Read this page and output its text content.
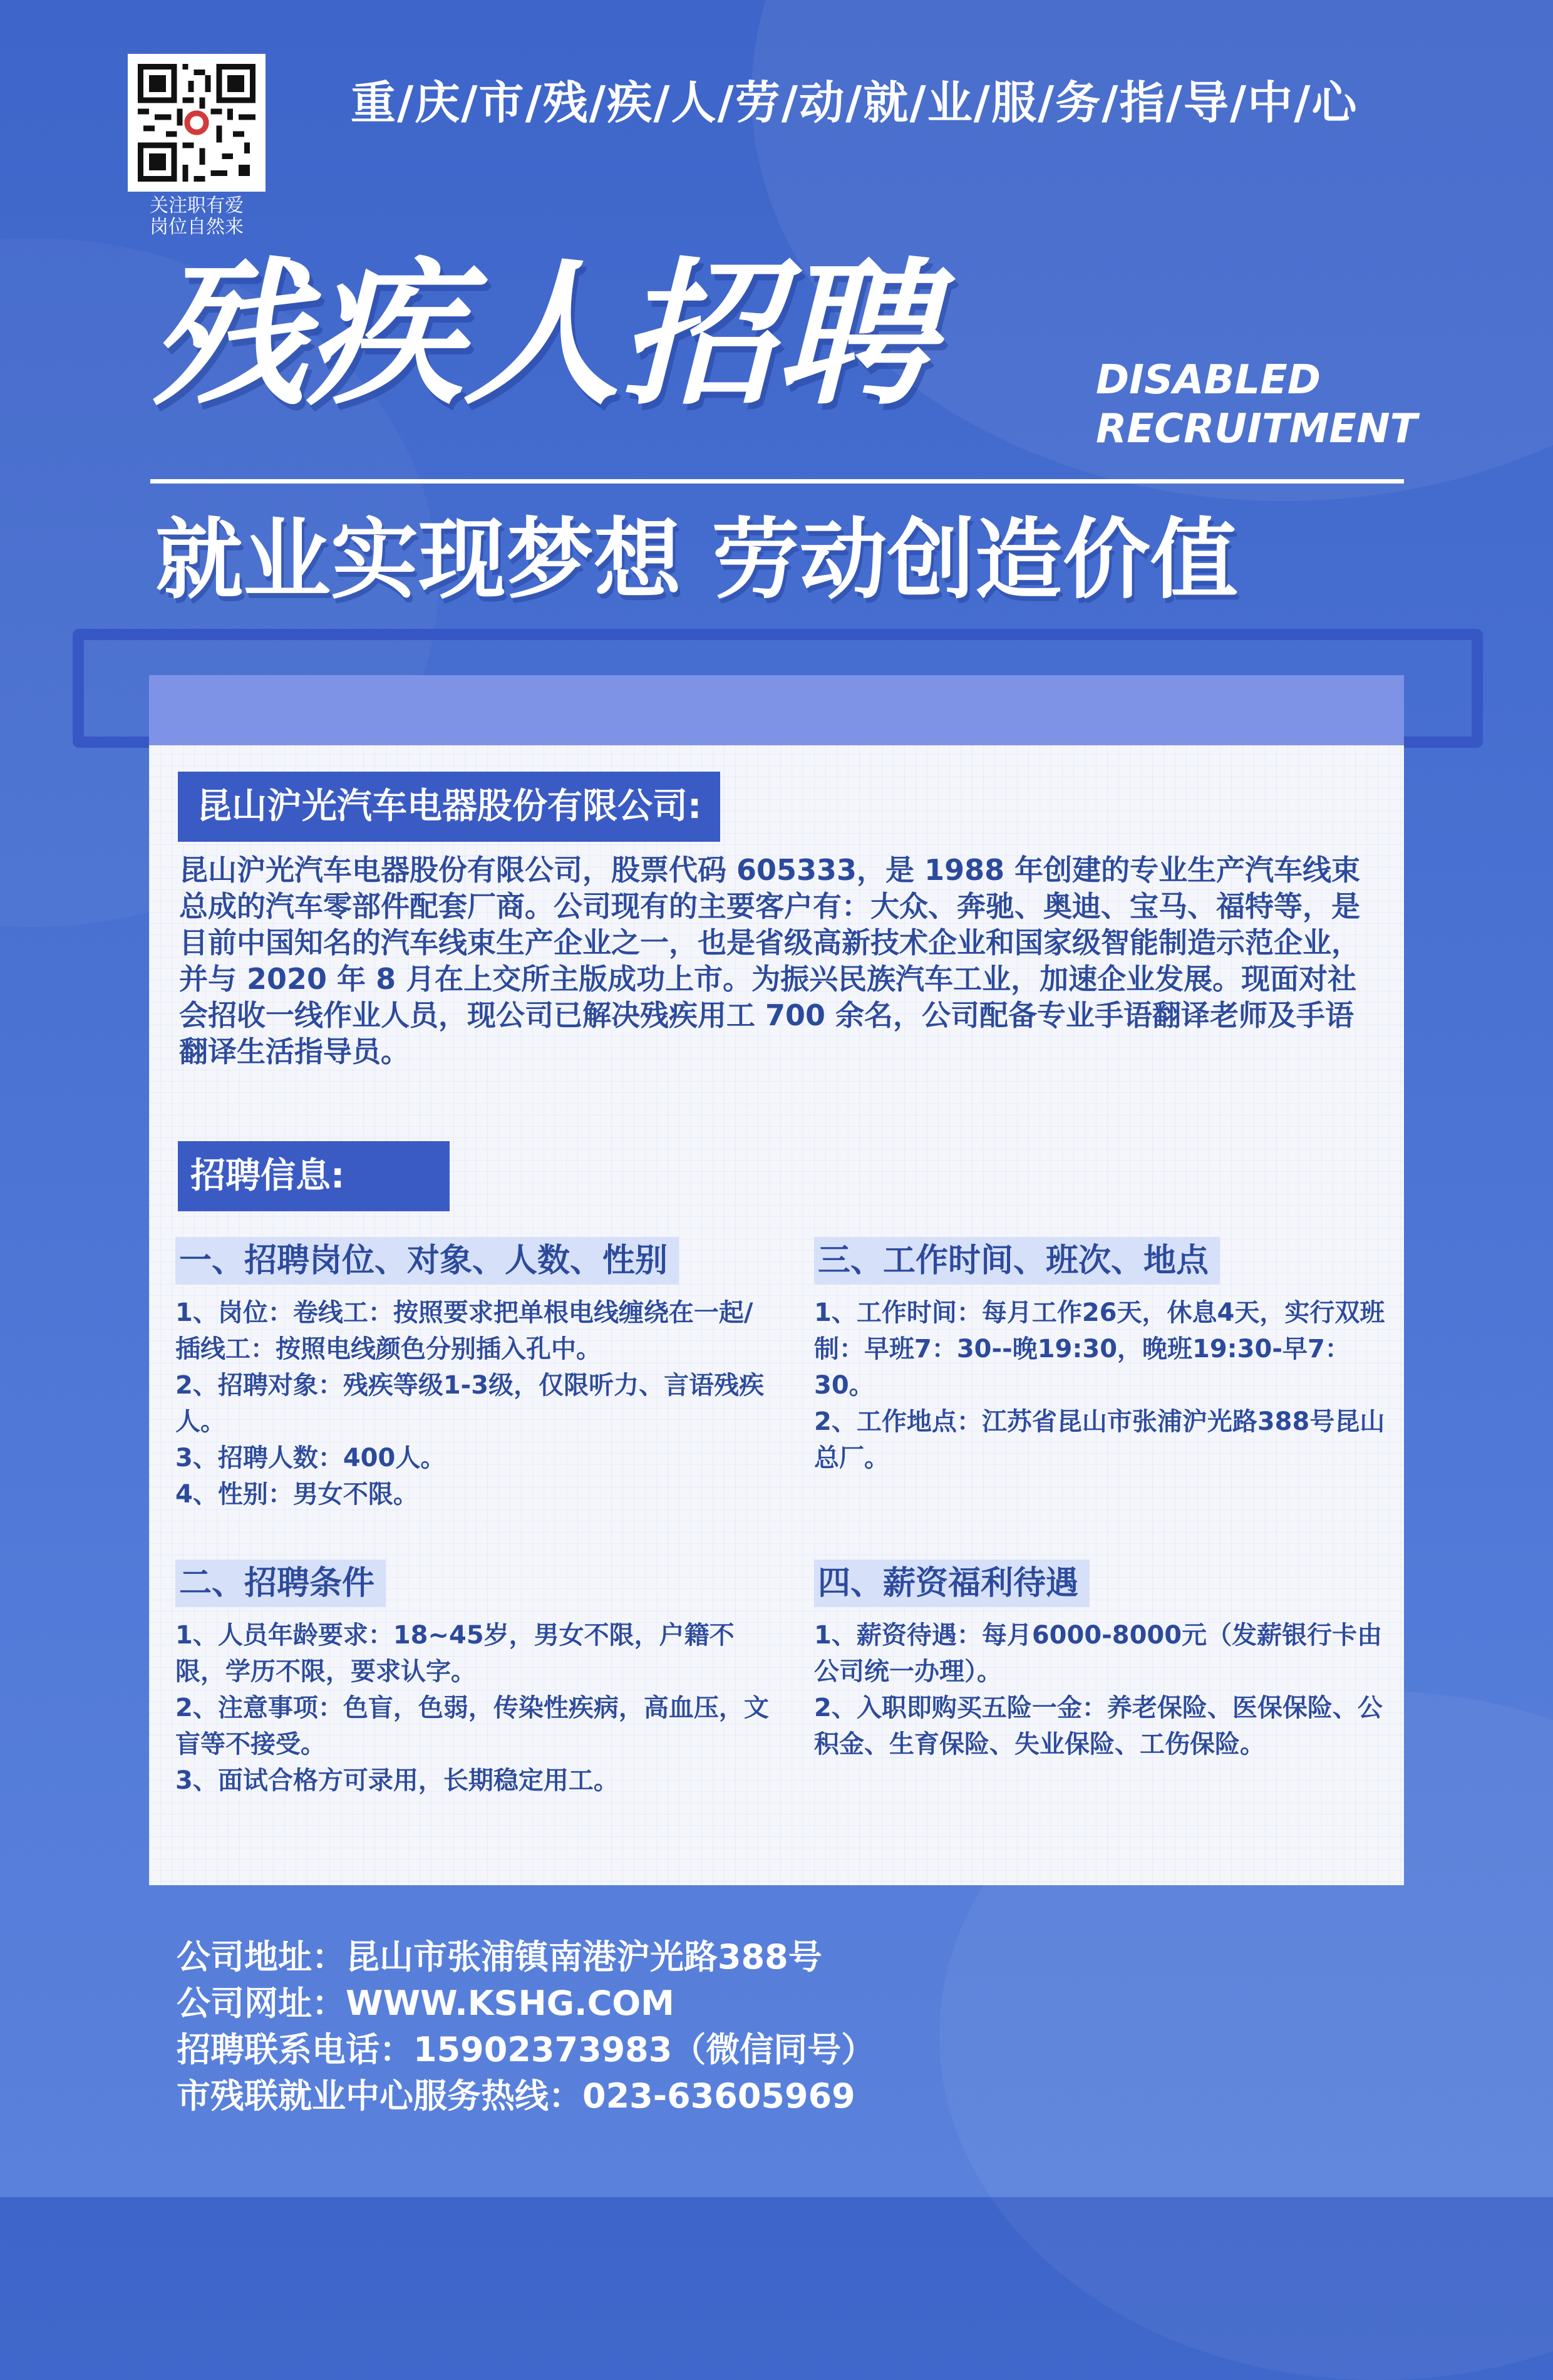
关注职有爱
岗位自然来
重/庆/市/残/疾/人/劳/动/就/业/服/务/指/导/中/心
残疾人招聘	DISABLED
RECRUITMENT
就业实现梦想 劳动创造价值
昆山沪光汽车电器股份有限公司:
昆山沪光汽车电器股份有限公司，股票代码 605333，是 1988 年创建的专业生产汽车线束总成的汽车零部件配套厂商。公司现有的主要客户有：大众、奔驰、奥迪、宝马、福特等，是目前中国知名的汽车线束生产企业之一，也是省级高新技术企业和国家级智能制造示范企业，并与 2020 年 8 月在上交所主版成功上市。为振兴民族汽车工业，加速企业发展。现面对社会招收一线作业人员，现公司已解决残疾用工 700 余名，公司配备专业手语翻译老师及手语翻译生活指导员。
招聘信息:
一、招聘岗位、对象、人数、性别
1、岗位：卷线工：按照要求把单根电线缠绕在一起/插线工：按照电线颜色分别插入孔中。
2、招聘对象：残疾等级1-3级，仅限听力、言语残疾人。
3、招聘人数：400人。
4、性别：男女不限。
三、工作时间、班次、地点
1、工作时间：每月工作26天，休息4天，实行双班制：早班7：30--晚19:30，晚班19:30-早7：30。
2、工作地点：江苏省昆山市张浦沪光路388号昆山总厂。
二、招聘条件
1、人员年龄要求：18~45岁，男女不限，户籍不限，学历不限，要求认字。
2、注意事项：色盲，色弱，传染性疾病，高血压，文盲等不接受。
3、面试合格方可录用，长期稳定用工。
四、薪资福利待遇
1、薪资待遇：每月6000-8000元（发薪银行卡由公司统一办理）。
2、入职即购买五险一金：养老保险、医保保险、公积金、生育保险、失业保险、工伤保险。
公司地址：昆山市张浦镇南港沪光路388号
公司网址：WWW.KSHG.COM
招聘联系电话：15902373983（微信同号）
市残联就业中心服务热线：023-63605969
